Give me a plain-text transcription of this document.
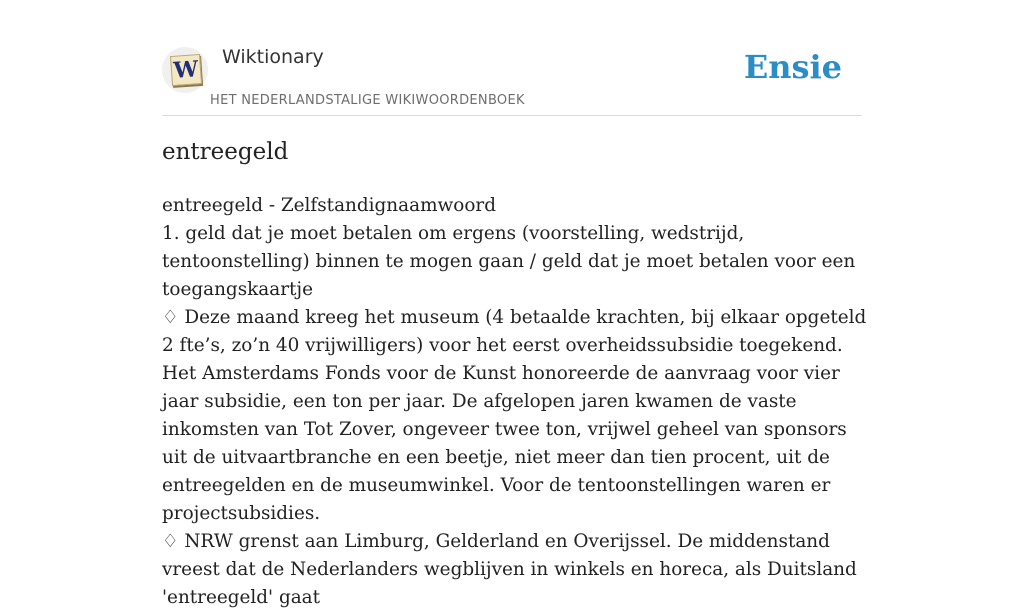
W Wiktionary
HET NEDERLANDSTALIGE WIKIWOORDENBOEK
Ensie
entreegeld

entreegeld - Zelfstandignaamwoord

1. geld dat je moet betalen om ergens (voorstelling, wedstrijd, tentoonstelling) binnen te mogen gaan / geld dat je moet betalen voor een toegangskaartje

♢ Deze maand kreeg het museum (4 betaalde krachten, bij elkaar opgeteld 2 fte’s, zo’n 40 vrijwilligers) voor het eerst overheidssubsidie toegekend. Het Amsterdams Fonds voor de Kunst honoreerde de aanvraag voor vier jaar subsidie, een ton per jaar. De afgelopen jaren kwamen de vaste inkomsten van Tot Zover, ongeveer twee ton, vrijwel geheel van sponsors uit de uitvaartbranche en een beetje, niet meer dan tien procent, uit de entreegelden en de museumwinkel. Voor de tentoonstellingen waren er projectsubsidies.

♢ NRW grenst aan Limburg, Gelderland en Overijssel. De middenstand vreest dat de Nederlanders wegblijven in winkels en horeca, als Duitsland 'entreegeld' gaat
